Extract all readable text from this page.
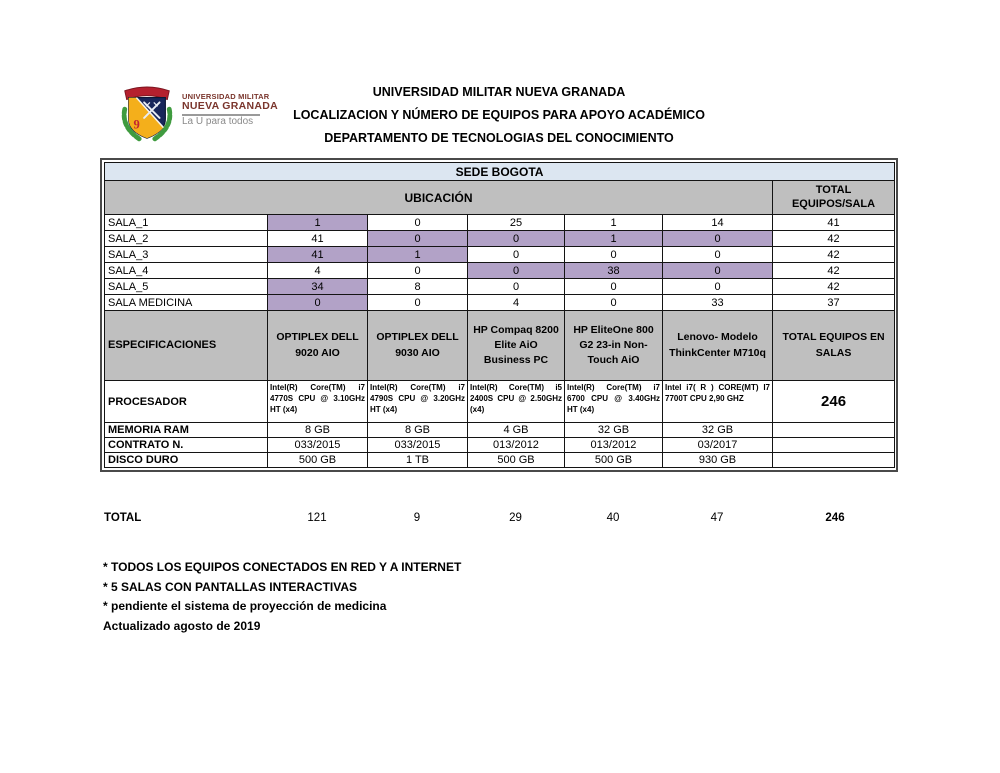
9
UNIVERSIDAD MILITAR
NUEVA GRANADA
La U para todos
UNIVERSIDAD MILITAR NUEVA GRANADA
LOCALIZACION Y NÚMERO DE EQUIPOS PARA APOYO ACADÉMICO
DEPARTAMENTO DE TECNOLOGIAS DEL CONOCIMIENTO
SEDE BOGOTA						
UBICACIÓN						TOTAL EQUIPOS/SALA
SALA_1	1	0	25	1	14	41
SALA_2	41	0	0	1	0	42
SALA_3	41	1	0	0	0	42
SALA_4	4	0	0	38	0	42
SALA_5	34	8	0	0	0	42
SALA MEDICINA	0	0	4	0	33	37
ESPECIFICACIONES	OPTIPLEX DELL 9020 AIO	OPTIPLEX DELL 9030 AIO	HP Compaq 8200 Elite AiO Business PC	HP EliteOne 800 G2 23-in Non-Touch AiO	Lenovo- Modelo ThinkCenter M710q	TOTAL EQUIPOS EN SALAS
PROCESADOR	Intel(R) Core(TM) i7 4770S CPU @ 3.10GHz HT (x4)	Intel(R) Core(TM) i7 4790S CPU @ 3.20GHz HT (x4)	Intel(R) Core(TM) i5 2400S CPU @ 2.50GHz (x4)	Intel(R) Core(TM) i7 6700 CPU @ 3.40GHz HT (x4)	Intel i7( R ) CORE(MT) I7 7700T CPU 2,90 GHZ	246
MEMORIA RAM	8 GB	8 GB	4 GB	32 GB	32 GB	
CONTRATO N.	033/2015	033/2015	013/2012	013/2012	03/2017	
DISCO DURO	500 GB	1 TB	500 GB	500 GB	930 GB	
TOTAL	121	9	29	40	47	246
* TODOS LOS EQUIPOS CONECTADOS EN RED Y A INTERNET
* 5 SALAS CON PANTALLAS INTERACTIVAS
* pendiente el sistema de proyección de medicina
Actualizado agosto de 2019
